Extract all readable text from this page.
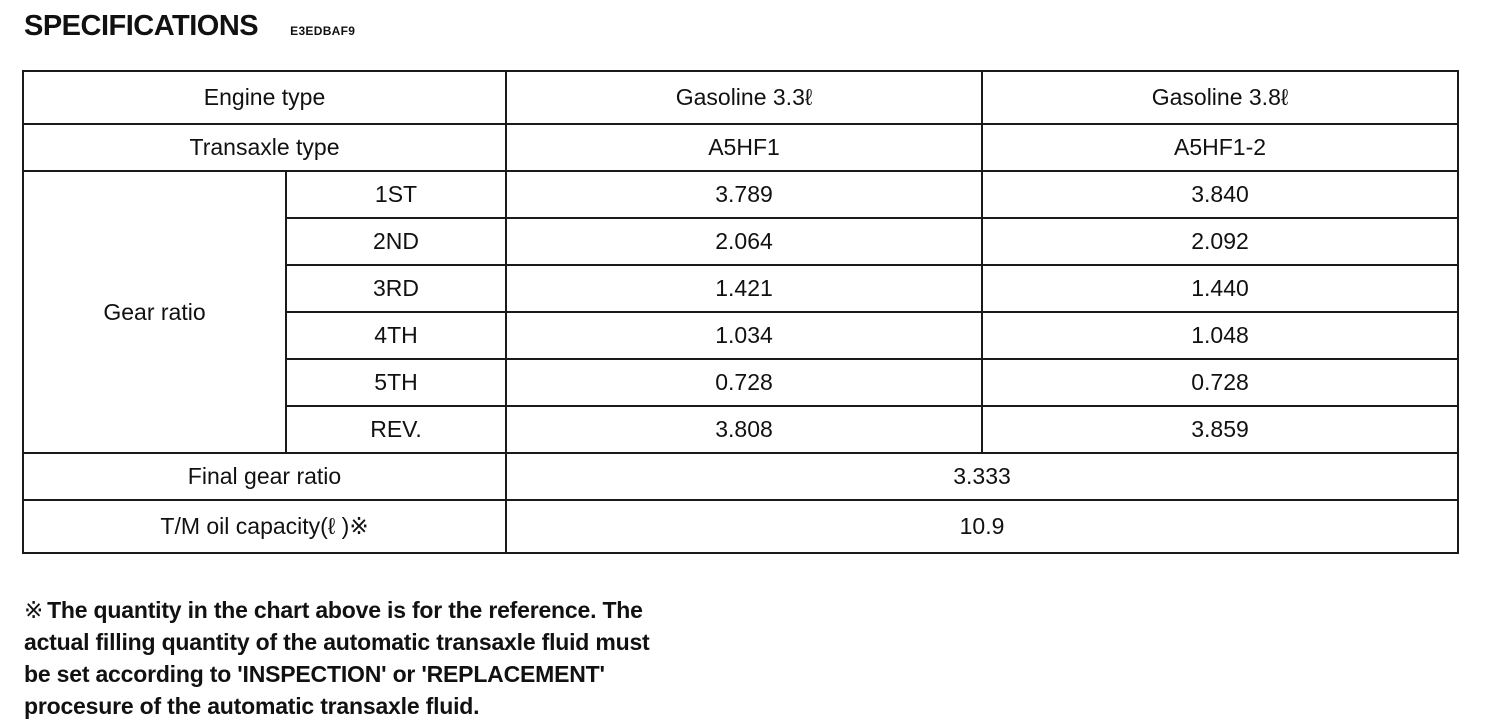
SPECIFICATIONS	E3EDBAF9
Engine type		Gasoline 3.3ℓ	Gasoline 3.8ℓ
Transaxle type		A5HF1	A5HF1-2
Gear ratio	1ST	3.789	3.840
	2ND	2.064	2.092
	3RD	1.421	1.440
	4TH	1.034	1.048
	5TH	0.728	0.728
	REV.	3.808	3.859
Final gear ratio		3.333	
T/M oil capacity(ℓ )※		10.9	
※ The quantity in the chart above is for the reference. The
actual filling quantity of the automatic transaxle fluid must
be set according to 'INSPECTION' or 'REPLACEMENT'
procesure of the automatic transaxle fluid.
